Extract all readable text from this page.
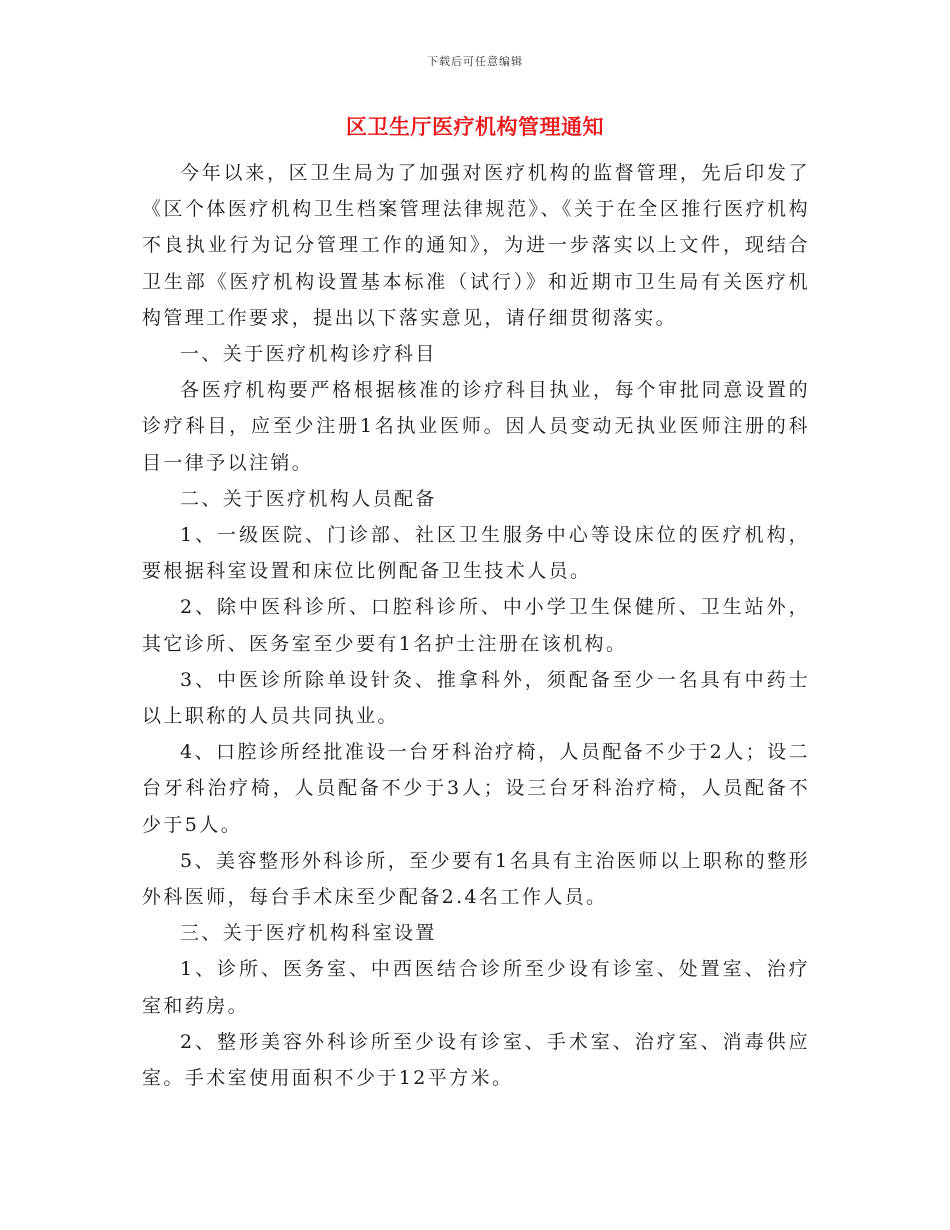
下载后可任意编辑
区卫生厅医疗机构管理通知

今年以来，区卫生局为了加强对医疗机构的监督管理，先后印发了《区个体医疗机构卫生档案管理法律规范》、《关于在全区推行医疗机构不良执业行为记分管理工作的通知》，为进一步落实以上文件，现结合卫生部《医疗机构设置基本标准（试行）》和近期市卫生局有关医疗机构管理工作要求，提出以下落实意见，请仔细贯彻落实。

一、关于医疗机构诊疗科目

各医疗机构要严格根据核准的诊疗科目执业，每个审批同意设置的诊疗科目，应至少注册1名执业医师。因人员变动无执业医师注册的科目一律予以注销。

二、关于医疗机构人员配备

1、一级医院、门诊部、社区卫生服务中心等设床位的医疗机构，要根据科室设置和床位比例配备卫生技术人员。

2、除中医科诊所、口腔科诊所、中小学卫生保健所、卫生站外，其它诊所、医务室至少要有1名护士注册在该机构。

3、中医诊所除单设针灸、推拿科外，须配备至少一名具有中药士以上职称的人员共同执业。

4、口腔诊所经批准设一台牙科治疗椅，人员配备不少于2人；设二台牙科治疗椅，人员配备不少于3人；设三台牙科治疗椅，人员配备不少于5人。

5、美容整形外科诊所，至少要有1名具有主治医师以上职称的整形外科医师，每台手术床至少配备2.4名工作人员。

三、关于医疗机构科室设置

1、诊所、医务室、中西医结合诊所至少设有诊室、处置室、治疗室和药房。

2、整形美容外科诊所至少设有诊室、手术室、治疗室、消毒供应室。手术室使用面积不少于12平方米。
